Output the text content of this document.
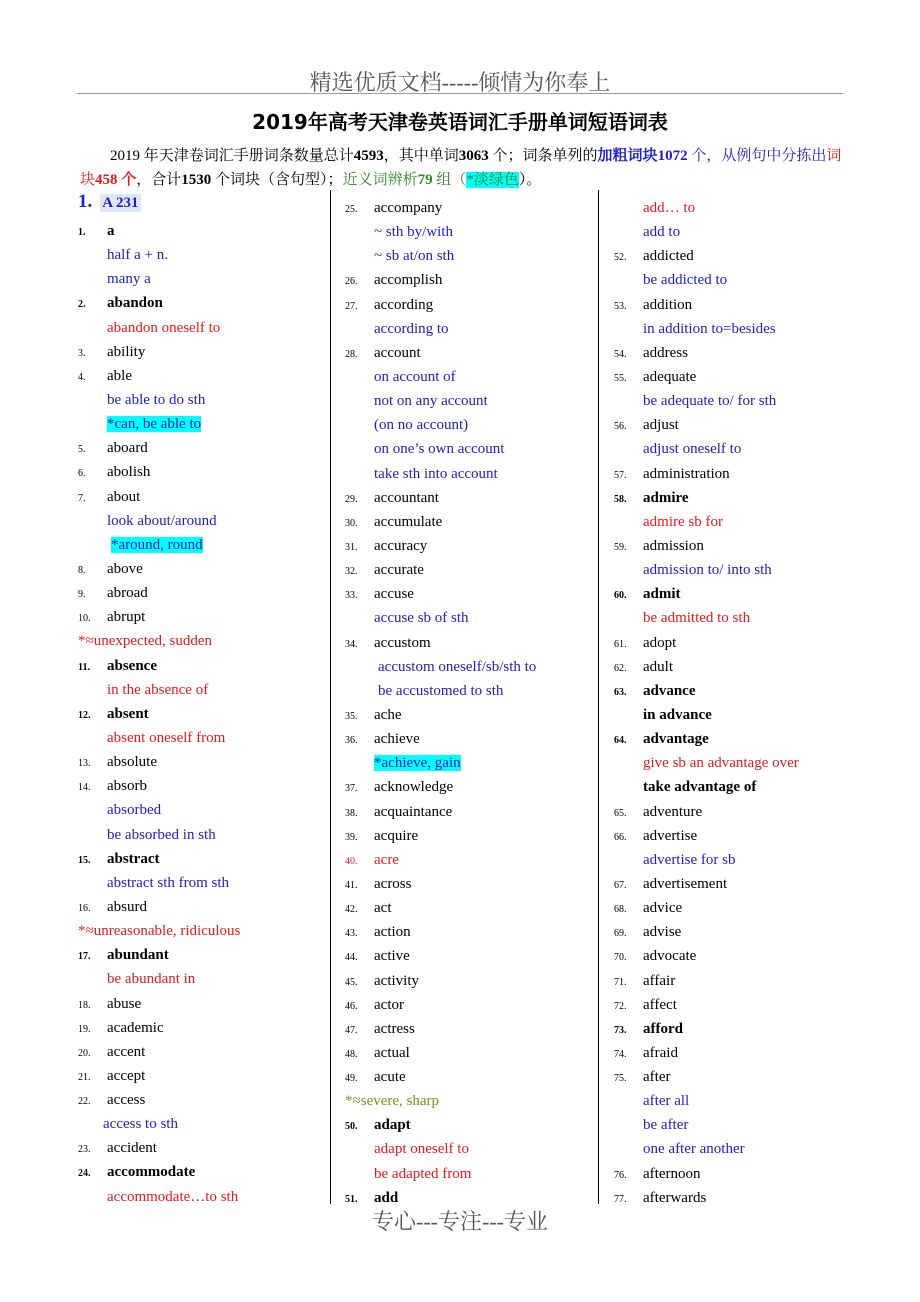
精选优质文档-----倾情为你奉上
2019年高考天津卷英语词汇手册单词短语词表
2019 年天津卷词汇手册词条数量总计4593，其中单词3063 个；词条单列的加粗词块1072 个，从例句中分拣出词块458 个，合计1530 个词块（含句型）；近义词辨析79 组（*淡绿色）。
1. A 231
1. a
half a + n.
many a
2. abandon
abandon oneself to
3. ability
4. able
be able to do sth
*can, be able to
5. aboard
6. abolish
7. about
look about/around
*around, round
8. above
9. abroad
10. abrupt
*≈unexpected, sudden
11. absence
in the absence of
12. absent
absent oneself from
13. absolute
14. absorb
absorbed
be absorbed in sth
15. abstract
abstract sth from sth
16. absurd
*≈unreasonable, ridiculous
17. abundant
be abundant in
18. abuse
19. academic
20. accent
21. accept
22. access
access to sth
23. accident
24. accommodate
accommodate…to sth
25. accompany
~ sth by/with
~ sb at/on sth
26. accomplish
27. according
according to
28. account
on account of
not on any account
(on no account)
on one’s own account
take sth into account
29. accountant
30. accumulate
31. accuracy
32. accurate
33. accuse
accuse sb of sth
34. accustom
accustom oneself/sb/sth to
be accustomed to sth
35. ache
36. achieve
*achieve, gain
37. acknowledge
38. acquaintance
39. acquire
40. acre
41. across
42. act
43. action
44. active
45. activity
46. actor
47. actress
48. actual
49. acute
*≈severe, sharp
50. adapt
adapt oneself to
be adapted from
51. add
add… to
add to
52. addicted
be addicted to
53. addition
in addition to=besides
54. address
55. adequate
be adequate to/ for sth
56. adjust
adjust oneself to
57. administration
58. admire
admire sb for
59. admission
admission to/ into sth
60. admit
be admitted to sth
61. adopt
62. adult
63. advance
in advance
64. advantage
give sb an advantage over
take advantage of
65. adventure
66. advertise
advertise for sb
67. advertisement
68. advice
69. advise
70. advocate
71. affair
72. affect
73. afford
74. afraid
75. after
after all
be after
one after another
76. afternoon
77. afterwards
专心---专注---专业
